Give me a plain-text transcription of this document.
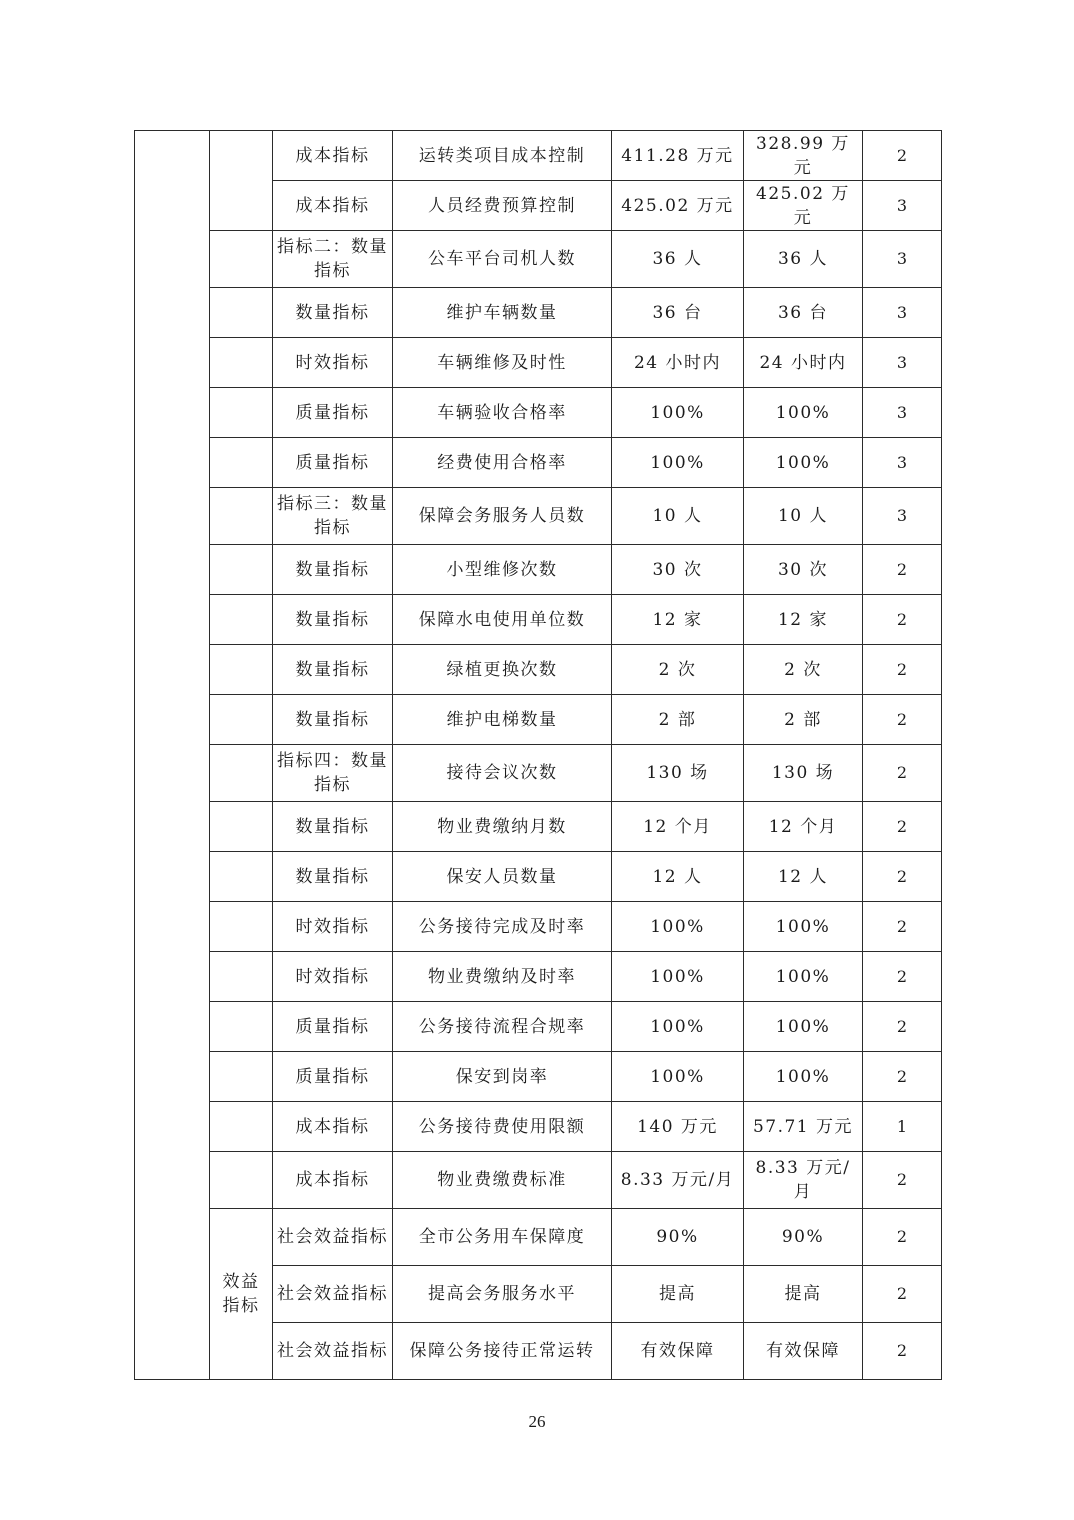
		成本指标	运转类项目成本控制	411.28 万元	328.99 万元	2
		成本指标	人员经费预算控制	425.02 万元	425.02 万元	3
		指标二：数量指标	公车平台司机人数	36 人	36 人	3
		数量指标	维护车辆数量	36 台	36 台	3
		时效指标	车辆维修及时性	24 小时内	24 小时内	3
		质量指标	车辆验收合格率	100%	100%	3
		质量指标	经费使用合格率	100%	100%	3
		指标三：数量指标	保障会务服务人员数	10 人	10 人	3
		数量指标	小型维修次数	30 次	30 次	2
		数量指标	保障水电使用单位数	12 家	12 家	2
		数量指标	绿植更换次数	2 次	2 次	2
		数量指标	维护电梯数量	2 部	2 部	2
		指标四：数量指标	接待会议次数	130 场	130 场	2
		数量指标	物业费缴纳月数	12 个月	12 个月	2
		数量指标	保安人员数量	12 人	12 人	2
		时效指标	公务接待完成及时率	100%	100%	2
		时效指标	物业费缴纳及时率	100%	100%	2
		质量指标	公务接待流程合规率	100%	100%	2
		质量指标	保安到岗率	100%	100%	2
		成本指标	公务接待费使用限额	140 万元	57.71 万元	1
		成本指标	物业费缴费标准	8.33 万元/月	8.33 万元/月	2
	效益指标	社会效益指标	全市公务用车保障度	90%	90%	2
		社会效益指标	提高会务服务水平	提高	提高	2
		社会效益指标	保障公务接待正常运转	有效保障	有效保障	2
26
